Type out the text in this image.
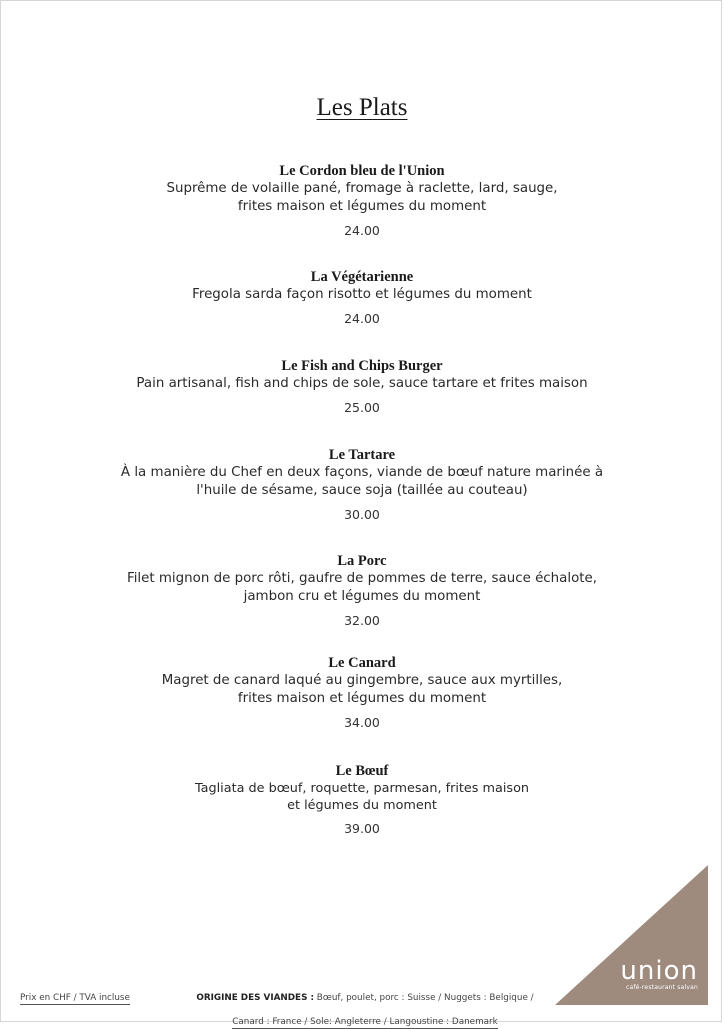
Les Plats
Le Cordon bleu de l'Union
Suprême de volaille pané, fromage à raclette, lard, sauge,
frites maison et légumes du moment
24.00
La Végétarienne
Fregola sarda façon risotto et légumes du moment
24.00
Le Fish and Chips Burger
Pain artisanal, fish and chips de sole, sauce tartare et frites maison
25.00
Le Tartare
À la manière du Chef en deux façons, viande de bœuf nature marinée à
l'huile de sésame, sauce soja (taillée au couteau)
30.00
La Porc
Filet mignon de porc rôti, gaufre de pommes de terre, sauce échalote,
jambon cru et légumes du moment
32.00
Le Canard
Magret de canard laqué au gingembre, sauce aux myrtilles,
frites maison et légumes du moment
34.00
Le Bœuf
Tagliata de bœuf, roquette, parmesan, frites maison
et légumes du moment
39.00
Prix en CHF / TVA incluse	ORIGINE DES VIANDES : Bœuf, poulet, porc : Suisse / Nuggets : Belgique /

Canard : France / Sole: Angleterre / Langoustine : Danemark

union
café-restaurant salvan
